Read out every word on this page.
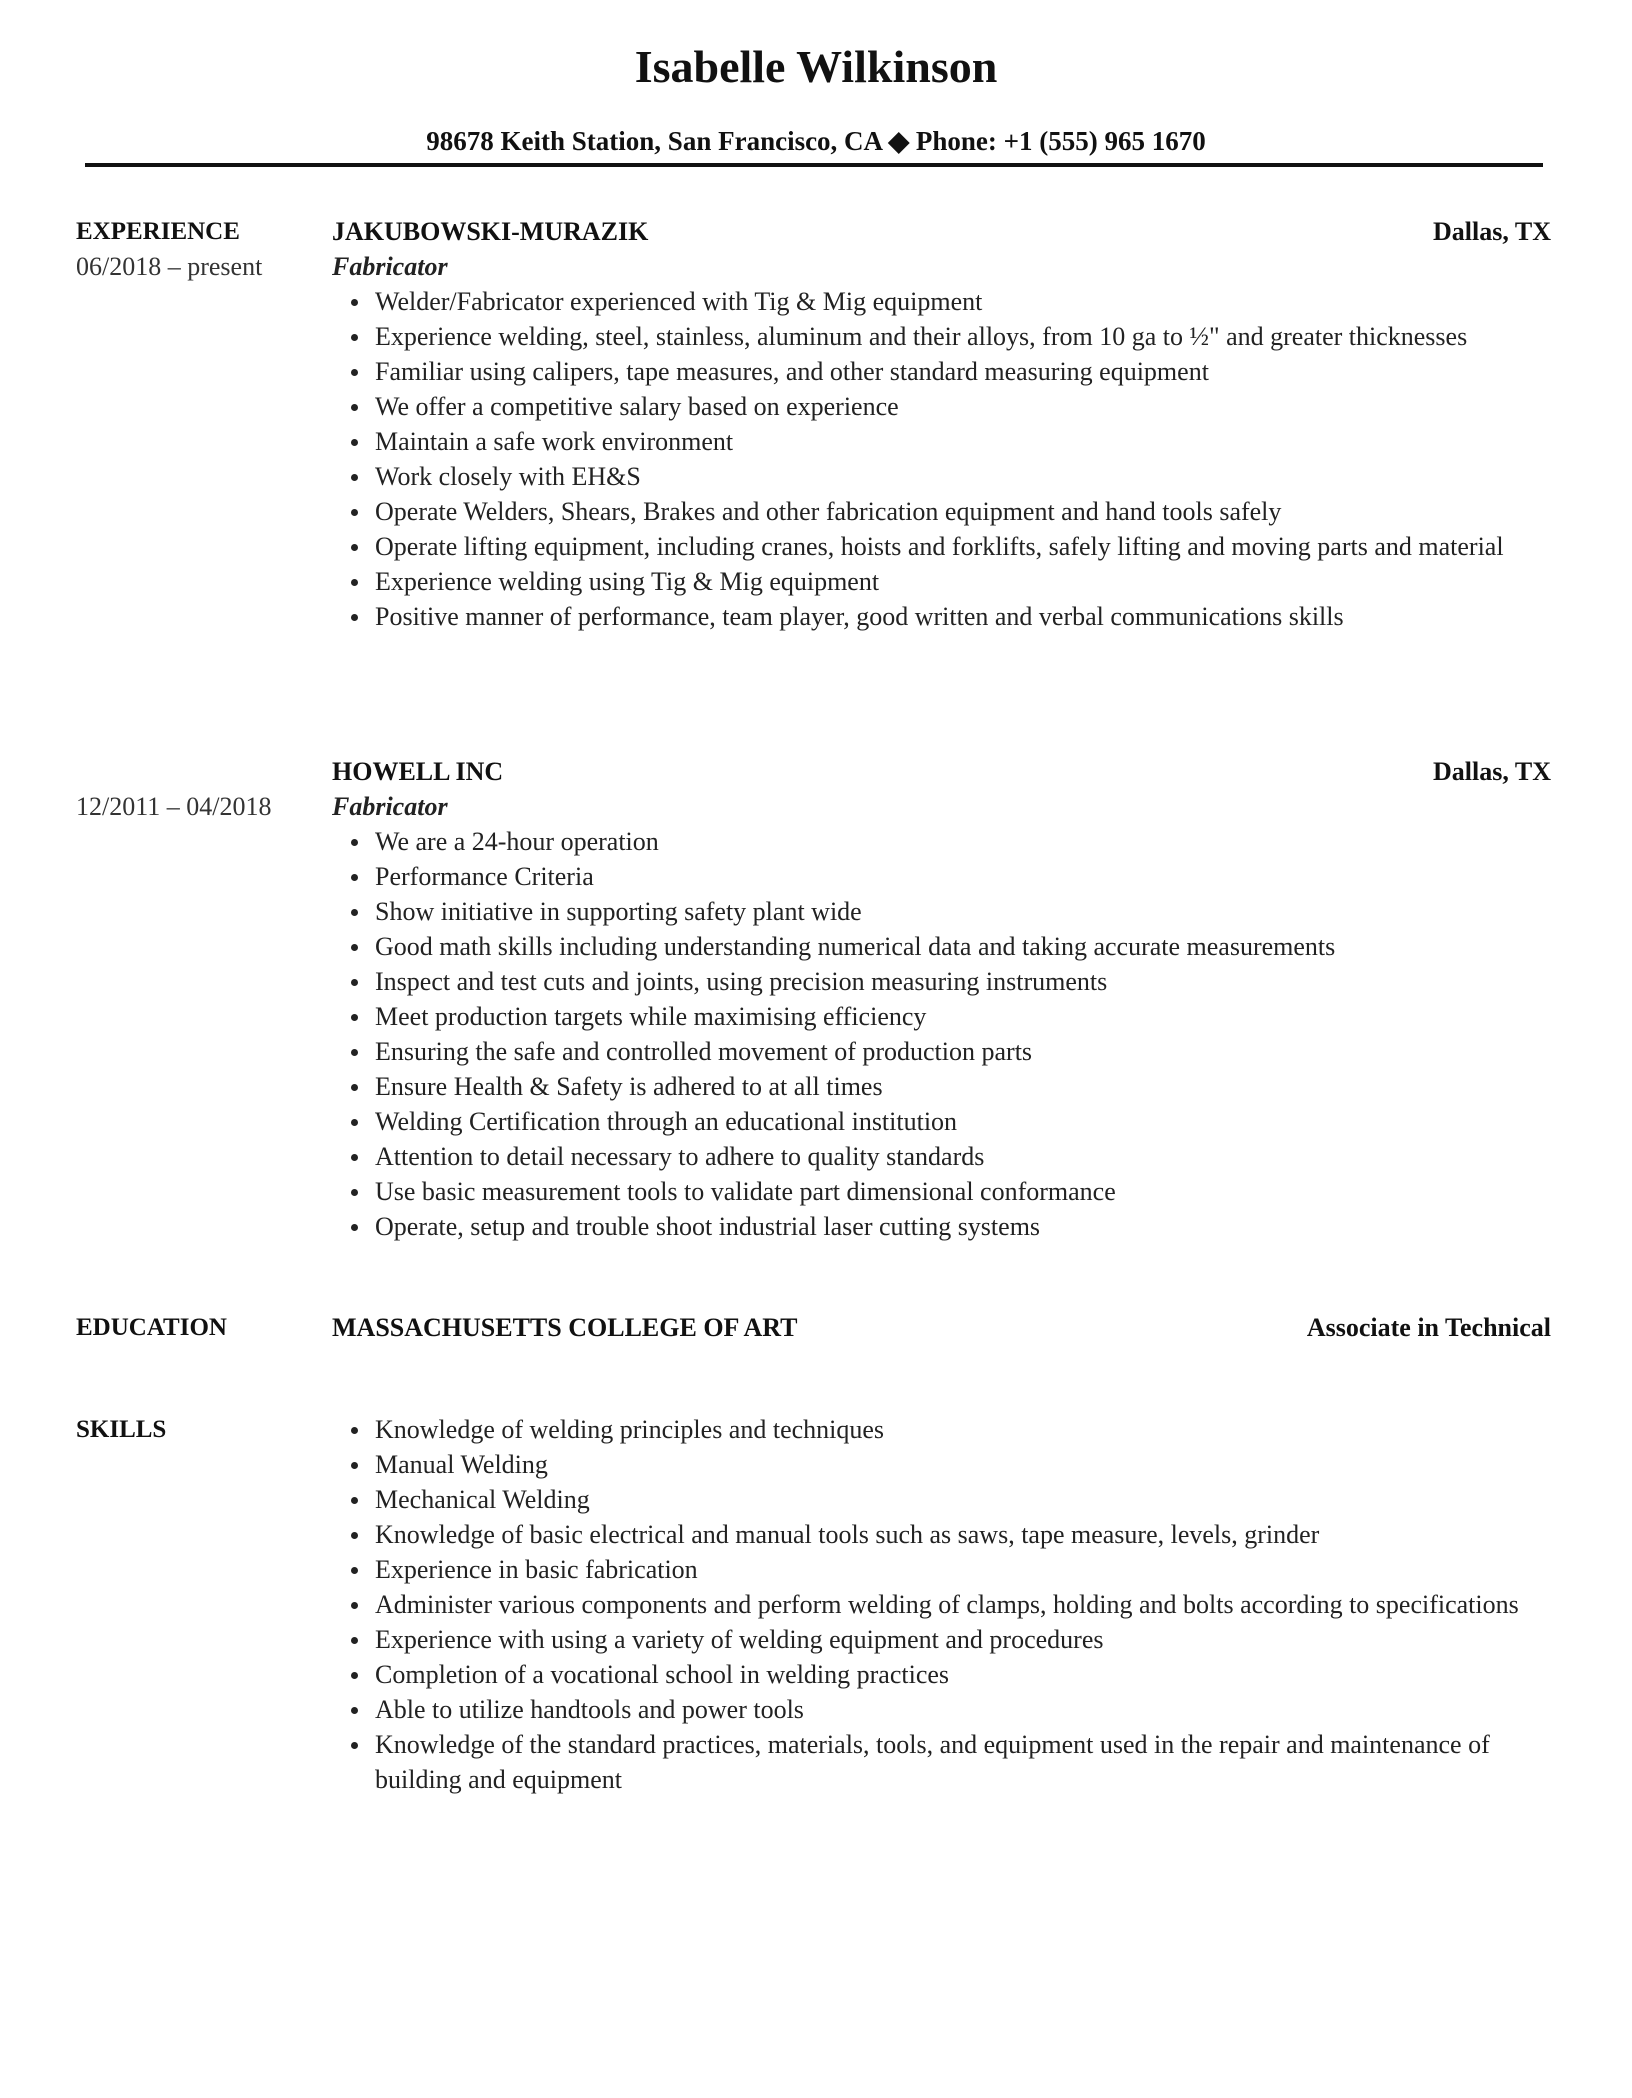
Isabelle Wilkinson
98678 Keith Station, San Francisco, CA ◆ Phone: +1 (555) 965 1670
EXPERIENCE
06/2018 – present
JAKUBOWSKI-MURAZIK	Dallas, TX
Fabricator
Welder/Fabricator experienced with Tig & Mig equipment
Experience welding, steel, stainless, aluminum and their alloys, from 10 ga to ½" and greater thicknesses
Familiar using calipers, tape measures, and other standard measuring equipment
We offer a competitive salary based on experience
Maintain a safe work environment
Work closely with EH&S
Operate Welders, Shears, Brakes and other fabrication equipment and hand tools safely
Operate lifting equipment, including cranes, hoists and forklifts, safely lifting and moving parts and material
Experience welding using Tig & Mig equipment
Positive manner of performance, team player, good written and verbal communications skills
12/2011 – 04/2018
HOWELL INC	Dallas, TX
Fabricator
We are a 24-hour operation
Performance Criteria
Show initiative in supporting safety plant wide
Good math skills including understanding numerical data and taking accurate measurements
Inspect and test cuts and joints, using precision measuring instruments
Meet production targets while maximising efficiency
Ensuring the safe and controlled movement of production parts
Ensure Health & Safety is adhered to at all times
Welding Certification through an educational institution
Attention to detail necessary to adhere to quality standards
Use basic measurement tools to validate part dimensional conformance
Operate, setup and trouble shoot industrial laser cutting systems
EDUCATION	MASSACHUSETTS COLLEGE OF ART	Associate in Technical
SKILLS	Knowledge of welding principles and techniques
Manual Welding
Mechanical Welding
Knowledge of basic electrical and manual tools such as saws, tape measure, levels, grinder
Experience in basic fabrication
Administer various components and perform welding of clamps, holding and bolts according to specifications
Experience with using a variety of welding equipment and procedures
Completion of a vocational school in welding practices
Able to utilize handtools and power tools
Knowledge of the standard practices, materials, tools, and equipment used in the repair and maintenance of building and equipment
